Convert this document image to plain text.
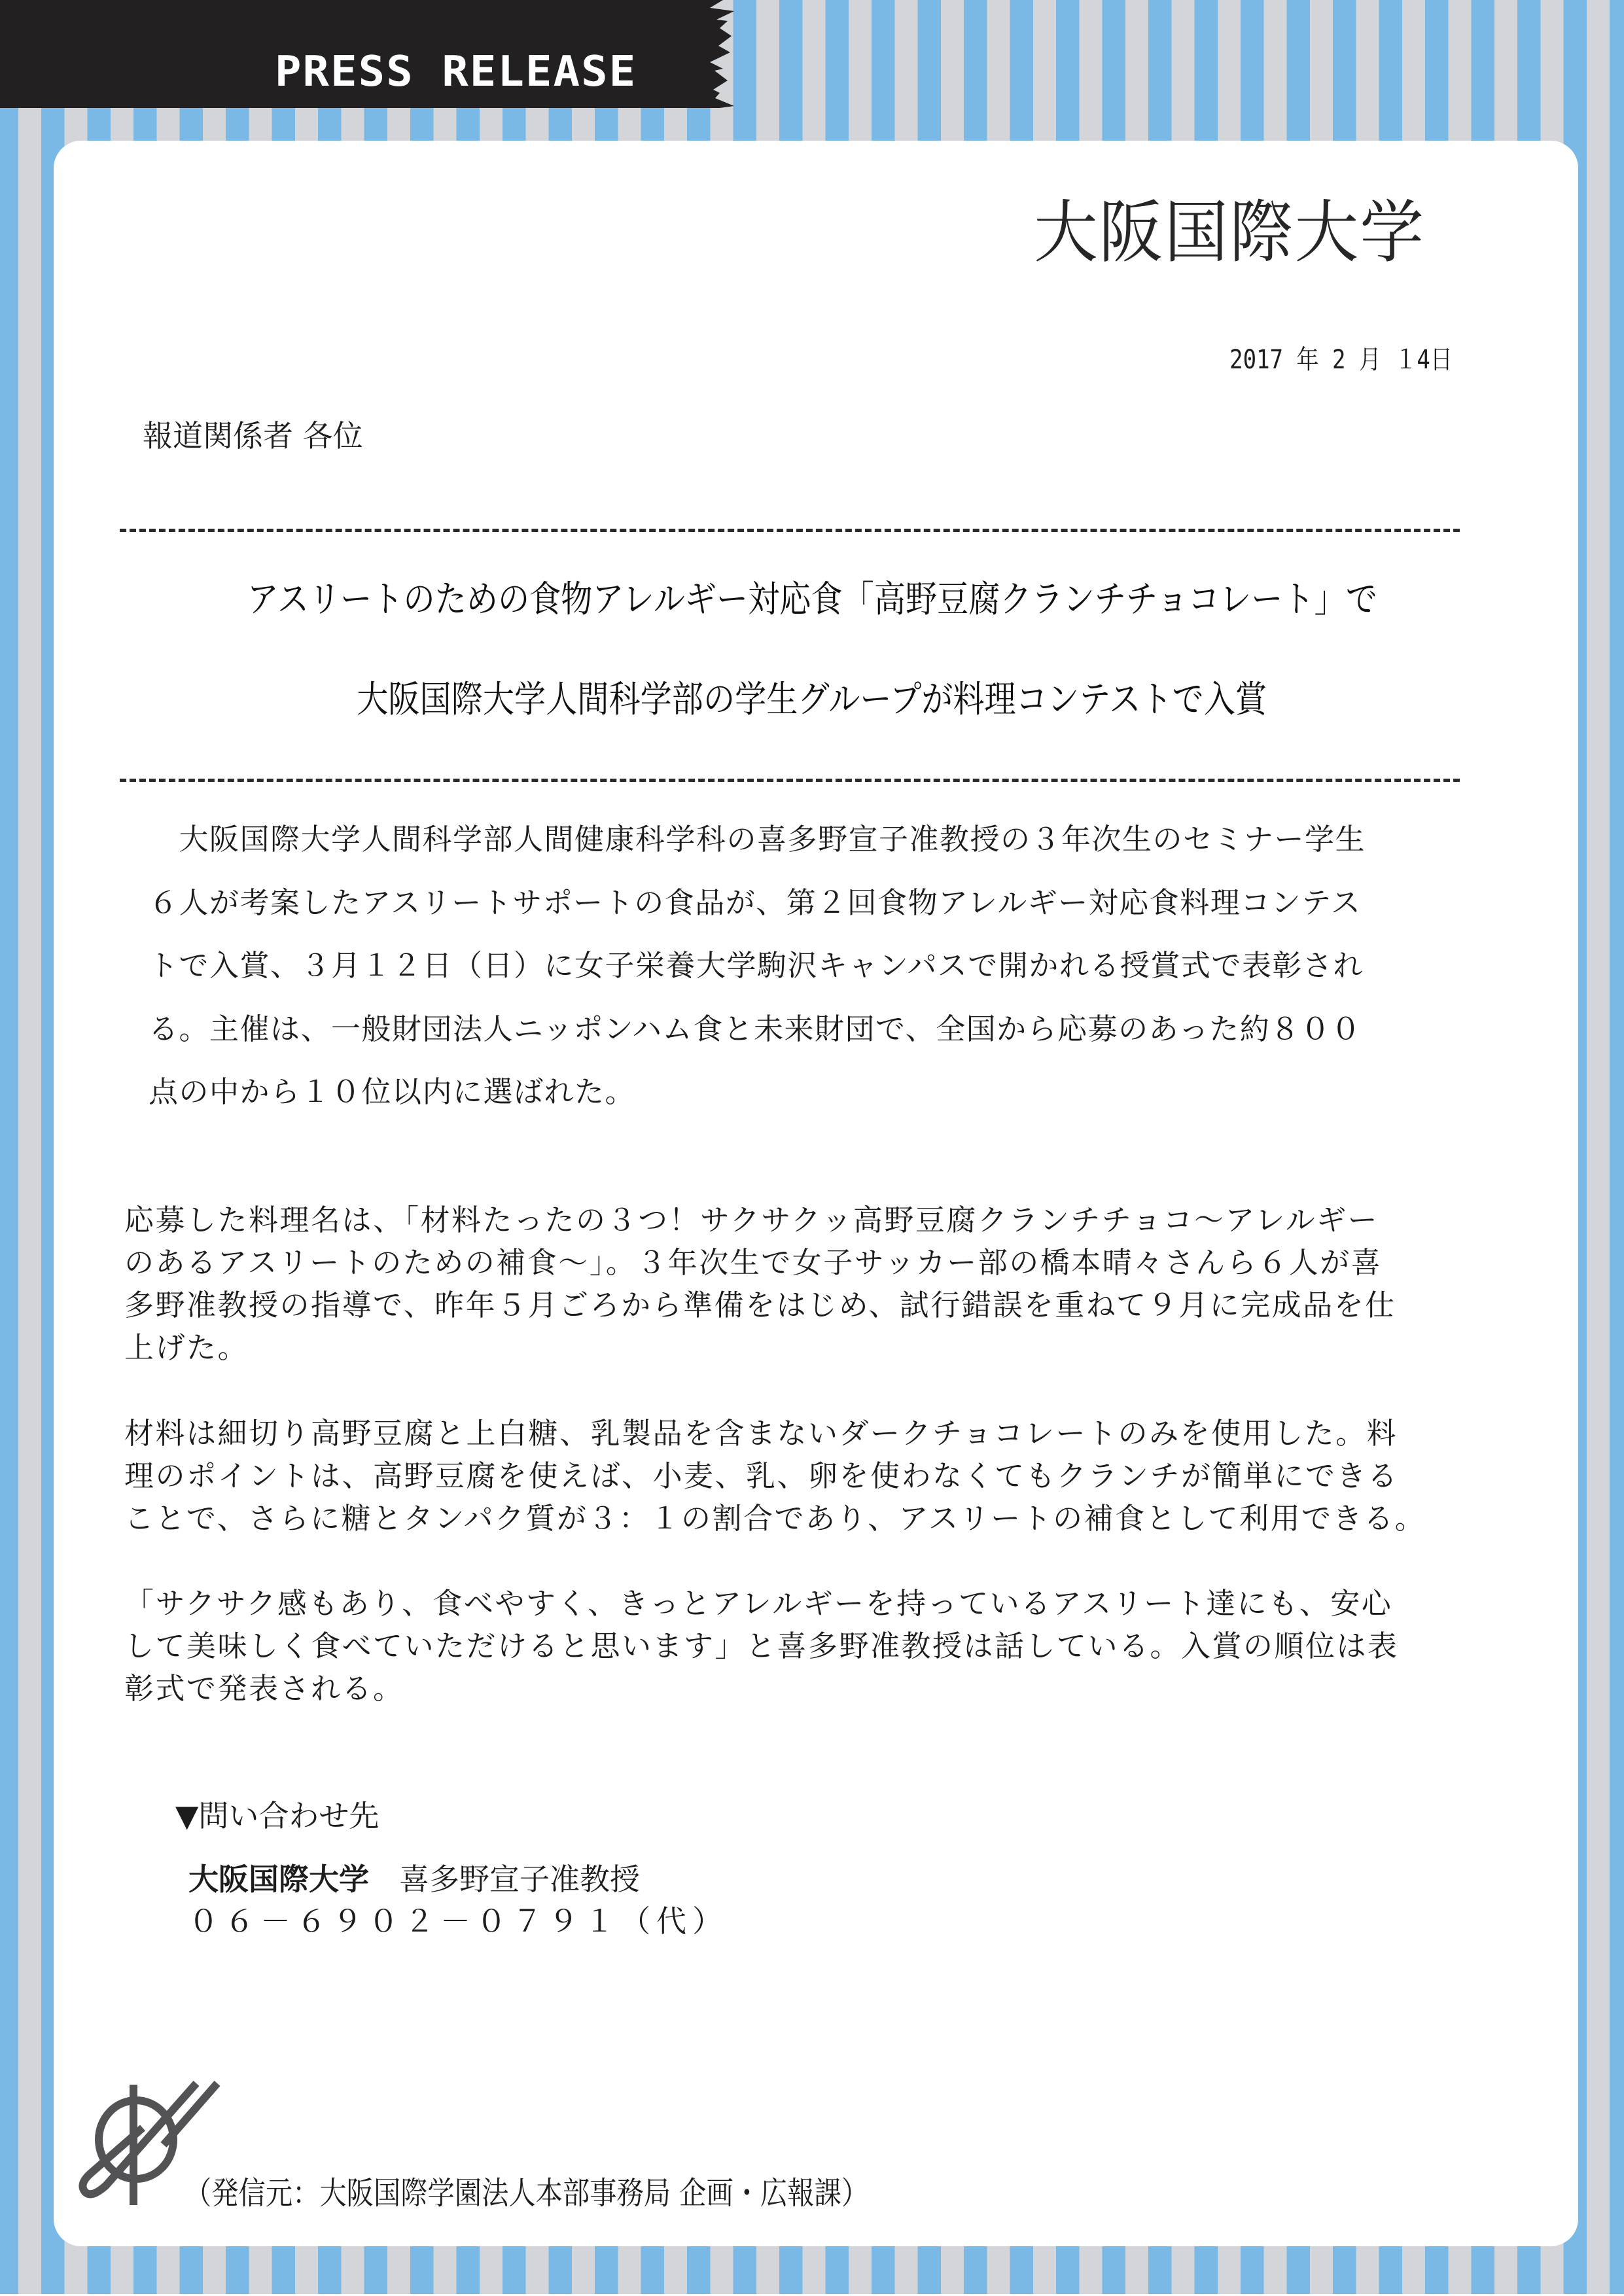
PRESS RELEASE
大阪国際大学
2017 年 2 月 １4日
報道関係者 各位
アスリートのための食物アレルギー対応食「高野豆腐クランチチョコレート」で
大阪国際大学人間科学部の学生グループが料理コンテストで入賞
　大阪国際大学人間科学部人間健康科学科の喜多野宣子准教授の３年次生のセミナー学生
６人が考案したアスリートサポートの食品が、第２回食物アレルギー対応食料理コンテス
トで入賞、３月１２日（日）に女子栄養大学駒沢キャンパスで開かれる授賞式で表彰され
る。主催は、一般財団法人ニッポンハム食と未来財団で、全国から応募のあった約８００
点の中から１０位以内に選ばれた。
応募した料理名は、「材料たったの３つ！サクサクッ高野豆腐クランチチョコ～アレルギー
のあるアスリートのための補食～」。３年次生で女子サッカー部の橋本晴々さんら６人が喜
多野准教授の指導で、昨年５月ごろから準備をはじめ、試行錯誤を重ねて９月に完成品を仕
上げた。
材料は細切り高野豆腐と上白糖、乳製品を含まないダークチョコレートのみを使用した。料
理のポイントは、高野豆腐を使えば、小麦、乳、卵を使わなくてもクランチが簡単にできる
ことで、さらに糖とタンパク質が３：１の割合であり、アスリートの補食として利用できる。
「サクサク感もあり、食べやすく、きっとアレルギーを持っているアスリート達にも、安心
して美味しく食べていただけると思います」と喜多野准教授は話している。入賞の順位は表
彰式で発表される。
▼問い合わせ先
大阪国際大学　喜多野宣子准教授
０６－６９０２－０７９１（代）
（発信元：大阪国際学園法人本部事務局 企画・広報課）
